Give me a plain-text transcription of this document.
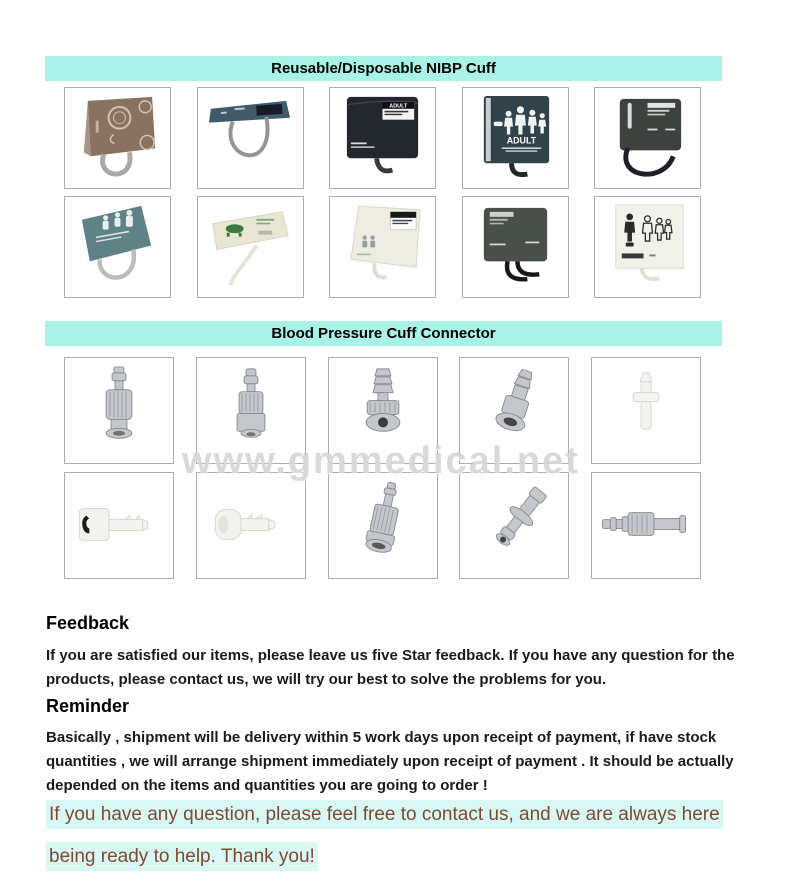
Reusable/Disposable NIBP Cuff
ADULT
ADULT
Blood Pressure Cuff Connector
www.gmmedical.net
Feedback

If you are satisfied our items, please leave us five Star feedback. If you have any question for the products, please contact us, we will try our best to solve the problems for you.

Reminder

Basically , shipment will be delivery within 5 work days upon receipt of payment, if have stock quantities , we will arrange shipment immediately upon receipt of payment . It should be actually depended on the items and quantities you are going to order !

If you have any question, please feel free to contact us, and we are always here
being ready to help. Thank you!
